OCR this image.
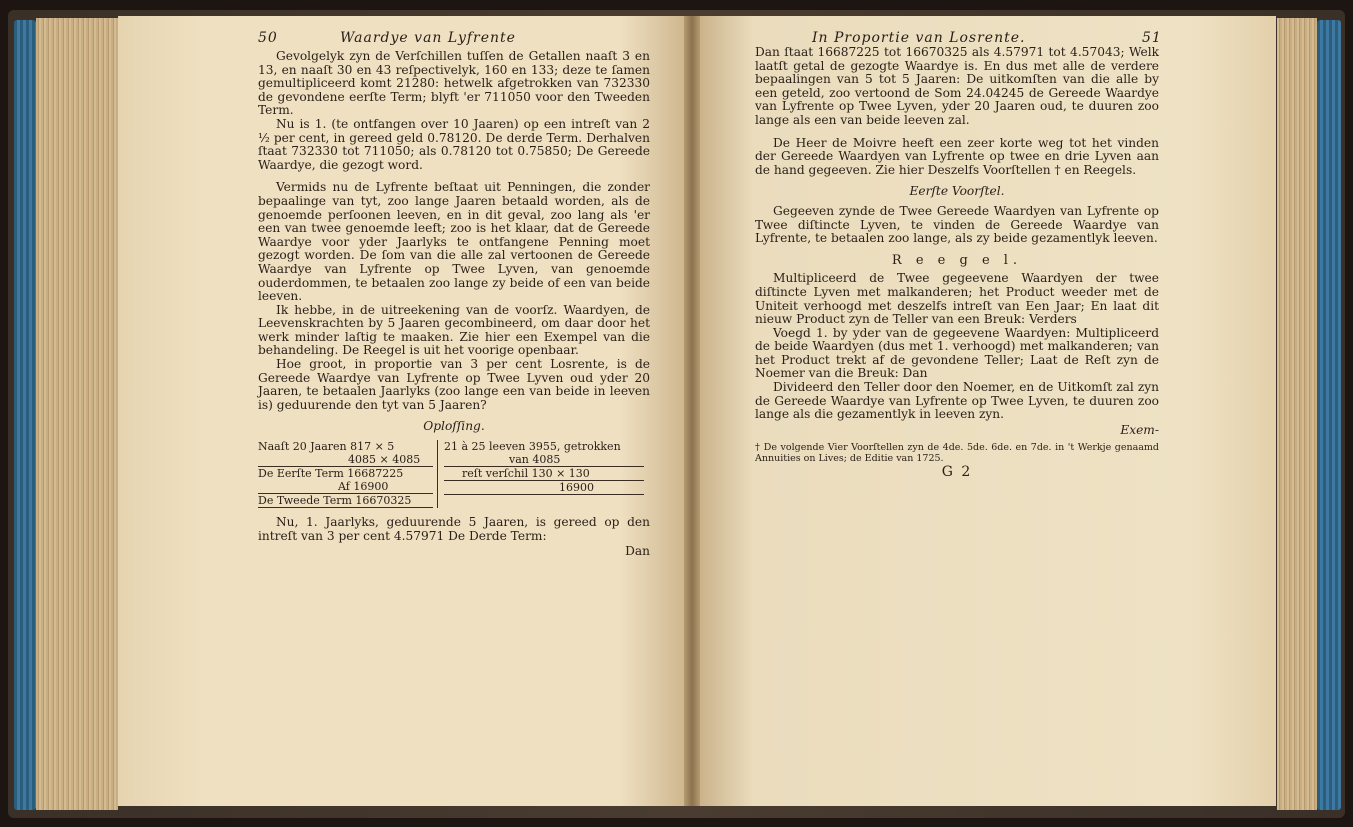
50	Waardye van Lyfrente

Gevolgelyk zyn de Verſchillen tuſſen de Getallen naaſt 3 en 13, en naaſt 30 en 43 reſpectivelyk, 160 en 133; deze te ſamen gemultipliceerd komt 21280: hetwelk afgetrokken van 732330 de gevondene eerſte Term; blyft 'er 711050 voor den Tweeden Term.

Nu is 1. (te ontfangen over 10 Jaaren) op een intreſt van 2 ½ per cent, in gereed geld 0.78120. De derde Term. Derhalven ſtaat 732330 tot 711050; als 0.78120 tot 0.75850; De Gereede Waardye, die gezogt word.

Vermids nu de Lyfrente beſtaat uit Penningen, die zonder bepaalinge van tyt, zoo lange Jaaren betaald worden, als de genoemde perſoonen leeven, en in dit geval, zoo lang als 'er een van twee genoemde leeft; zoo is het klaar, dat de Gereede Waardye voor yder Jaarlyks te ontfangene Penning moet gezogt worden. De ſom van die alle zal vertoonen de Gereede Waardye van Lyfrente op Twee Lyven, van genoemde ouderdommen, te betaalen zoo lange zy beide of een van beide leeven.

Ik hebbe, in de uitreekening van de voorſz. Waardyen, de Leevenskrachten by 5 Jaaren gecombineerd, om daar door het werk minder laſtig te maaken. Zie hier een Exempel van die behandeling. De Reegel is uit het voorige openbaar.

Hoe groot, in proportie van 3 per cent Losrente, is de Gereede Waardye van Lyfrente op Twee Lyven oud yder 20 Jaaren, te betaalen Jaarlyks (zoo lange een van beide in leeven is) geduurende den tyt van 5 Jaaren?

Oploſſing.
Naaſt 20 Jaaren 817 × 5
4085 × 4085
De Eerſte Term 16687225
Af 16900
De Tweede Term 16670325
21 à 25 leeven 3955, getrokken
van 4085
reſt verſchil 130 × 130
16900

Nu, 1. Jaarlyks, geduurende 5 Jaaren, is gereed op den intreſt van 3 per cent 4.57971 De Derde Term:

Dan
In Proportie van Losrente.	51

Dan ſtaat 16687225 tot 16670325 als 4.57971 tot 4.57043; Welk laatſt getal de gezogte Waardye is. En dus met alle de verdere bepaalingen van 5 tot 5 Jaaren: De uitkomſten van die alle by een geteld, zoo vertoond de Som 24.04245 de Gereede Waardye van Lyfrente op Twee Lyven, yder 20 Jaaren oud, te duuren zoo lange als een van beide leeven zal.

De Heer de Moivre heeft een zeer korte weg tot het vinden der Gereede Waardyen van Lyfrente op twee en drie Lyven aan de hand gegeeven. Zie hier Deszelfs Voorſtellen † en Reegels.

Eerſte Voorſtel.

Gegeeven zynde de Twee Gereede Waardyen van Lyfrente op Twee diſtincte Lyven, te vinden de Gereede Waardye van Lyfrente, te betaalen zoo lange, als zy beide gezamentlyk leeven.

R e e g e l.

Multipliceerd de Twee gegeevene Waardyen der twee diſtincte Lyven met malkanderen; het Product weeder met de Uniteit verhoogd met deszelfs intreſt van Een Jaar; En laat dit nieuw Product zyn de Teller van een Breuk: Verders

Voegd 1. by yder van de gegeevene Waardyen: Multipliceerd de beide Waardyen (dus met 1. verhoogd) met malkanderen; van het Product trekt af de gevondene Teller; Laat de Reſt zyn de Noemer van die Breuk: Dan

Divideerd den Teller door den Noemer, en de Uitkomſt zal zyn de Gereede Waardye van Lyfrente op Twee Lyven, te duuren zoo lange als die gezamentlyk in leeven zyn.

Exem-

† De volgende Vier Voorſtellen zyn de 4de. 5de. 6de. en 7de. in 't Werkje genaamd Annuities on Lives; de Editie van 1725.

G 2
